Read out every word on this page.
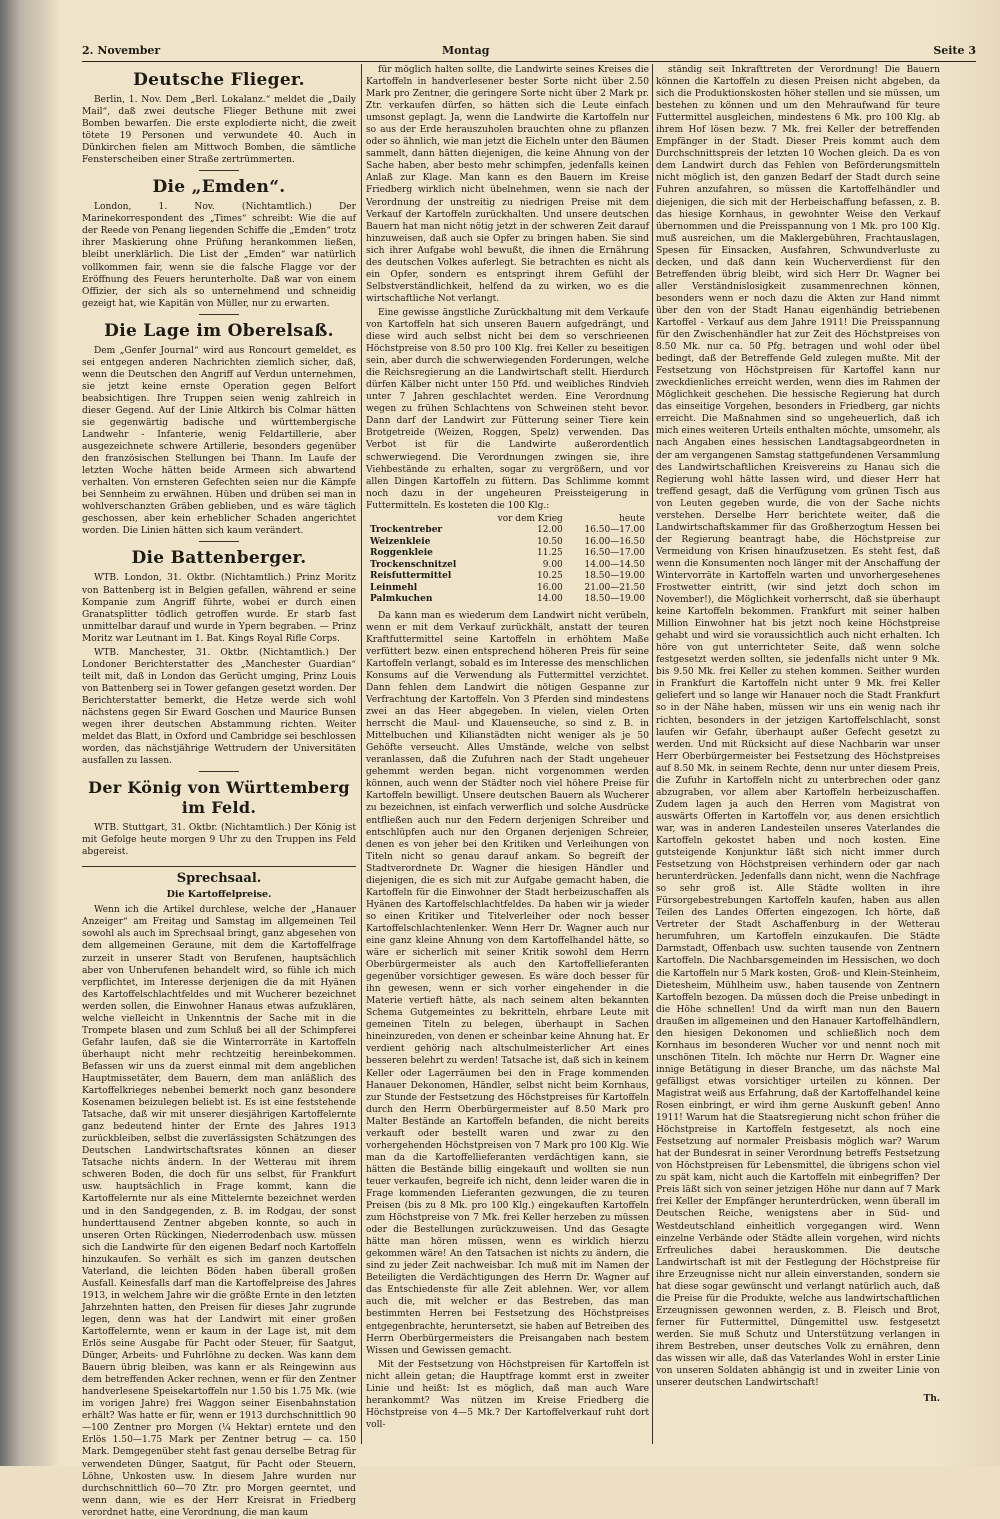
2. November	Montag	Seite 3
Deutsche Flieger.

Berlin, 1. Nov. Dem „Berl. Lokalanz.“ meldet die „Daily Mail“, daß zwei deutsche Flieger Bethune mit zwei Bomben bewarfen. Die erste explodierte nicht, die zweit tötete 19 Personen und verwundete 40. Auch in Dünkirchen fielen am Mittwoch Bomben, die sämtliche Fensterscheiben einer Straße zertrümmerten.

Die „Emden“.

London, 1. Nov. (Nichtamtlich.) Der Marinekorrespondent des „Times“ schreibt: Wie die auf der Reede von Penang liegenden Schiffe die „Emden“ trotz ihrer Maskierung ohne Prüfung herankommen ließen, bleibt unerklärlich. Die List der „Emden“ war natürlich vollkommen fair, wenn sie die falsche Flagge vor der Eröffnung des Feuers herunterholte. Daß war von einem Offizier, der sich als so unternehmend und schneidig gezeigt hat, wie Kapitän von Müller, nur zu erwarten.

Die Lage im Oberelsaß.

Dem „Genfer Journal“ wird aus Roncourt gemeldet, es sei entgegen anderen Nachrichten ziemlich sicher, daß, wenn die Deutschen den Angriff auf Verdun unternehmen, sie jetzt keine ernste Operation gegen Belfort beabsichtigen. Ihre Truppen seien wenig zahlreich in dieser Gegend. Auf der Linie Altkirch bis Colmar hätten sie gegenwärtig badische und württembergische Landwehr - Infanterie, wenig Feldartillerie, aber ausgezeichnete schwere Artillerie, besonders gegenüber den französischen Stellungen bei Thann. Im Laufe der letzten Woche hätten beide Armeen sich abwartend verhalten. Von ernsteren Gefechten seien nur die Kämpfe bei Sennheim zu erwähnen. Hüben und drüben sei man in wohlverschanzten Gräben geblieben, und es wäre täglich geschossen, aber kein erheblicher Schaden angerichtet worden. Die Linien hätten sich kaum verändert.

Die Battenberger.

WTB. London, 31. Oktbr. (Nichtamtlich.) Prinz Moritz von Battenberg ist in Belgien gefallen, während er seine Kompanie zum Angriff führte, wobei er durch einen Granatsplitter tödlich getroffen wurde. Er starb fast unmittelbar darauf und wurde in Ypern begraben. — Prinz Moritz war Leutnant im 1. Bat. Kings Royal Rifle Corps.

WTB. Manchester, 31. Oktbr. (Nichtamtlich.) Der Londoner Berichterstatter des „Manchester Guardian“ teilt mit, daß in London das Gerücht umging, Prinz Louis von Battenberg sei in Tower gefangen gesetzt worden. Der Berichterstatter bemerkt, die Hetze werde sich wohl nächstens gegen Sir Eward Goschen und Maurice Bunsen wegen ihrer deutschen Abstammung richten. Weiter meldet das Blatt, in Oxford und Cambridge sei beschlossen worden, das nächstjährige Wettrudern der Universitäten ausfallen zu lassen.

Der König von Württemberg im Feld.

WTB. Stuttgart, 31. Oktbr. (Nichtamtlich.) Der König ist mit Gefolge heute morgen 9 Uhr zu den Truppen ins Feld abgereist.

Sprechsaal.
Die Kartoffelpreise.

Wenn ich die Artikel durchlese, welche der „Hanauer Anzeiger“ am Freitag und Samstag im allgemeinen Teil sowohl als auch im Sprechsaal bringt, ganz abgesehen von dem allgemeinen Geraune, mit dem die Kartoffelfrage zurzeit in unserer Stadt von Berufenen, hauptsächlich aber von Unberufenen behandelt wird, so fühle ich mich verpflichtet, im Interesse derjenigen die da mit Hyänen des Kartoffelschlachtfeldes und mit Wucherer bezeichnet werden sollen, die Einwohner Hanaus etwas aufzuklären, welche vielleicht in Unkenntnis der Sache mit in die Trompete blasen und zum Schluß bei all der Schimpferei Gefahr laufen, daß sie die Winterrorräte in Kartoffeln überhaupt nicht mehr rechtzeitig hereinbekommen. Befassen wir uns da zuerst einmal mit dem angeblichen Hauptmissetäter, dem Bauern, dem man anläßlich des Kartoffelkrieges nebenbei bemerkt noch ganz besondere Kosenamen beizulegen beliebt ist. Es ist eine feststehende Tatsache, daß wir mit unserer diesjährigen Kartoffelernte ganz bedeutend hinter der Ernte des Jahres 1913 zurückbleiben, selbst die zuverlässigsten Schätzungen des Deutschen Landwirtschaftsrates können an dieser Tatsache nichts ändern. In der Wetterau mit ihrem schweren Boden, die doch für uns selbst, für Frankfurt usw. hauptsächlich in Frage kommt, kann die Kartoffelernte nur als eine Mittelernte bezeichnet werden und in den Sandgegenden, z. B. im Rodgau, der sonst hunderttausend Zentner abgeben konnte, so auch in unseren Orten Rückingen, Niederrodenbach usw. müssen sich die Landwirte für den eigenen Bedarf noch Kartoffeln hinzukaufen. So verhält es sich im ganzen deutschen Vaterland, die leichten Böden haben überall großen Ausfall. Keinesfalls darf man die Kartoffelpreise des Jahres 1913, in welchem Jahre wir die größte Ernte in den letzten Jahrzehnten hatten, den Preisen für dieses Jahr zugrunde legen, denn was hat der Landwirt mit einer großen Kartoffelernte, wenn er kaum in der Lage ist, mit dem Erlös seine Ausgabe für Pacht oder Steuer, für Saatgut, Dünger, Arbeits- und Fuhrlöhne zu decken. Was kann dem Bauern übrig bleiben, was kann er als Reingewinn aus dem betreffenden Acker rechnen, wenn er für den Zentner handverlesene Speisekartoffeln nur 1.50 bis 1.75 Mk. (wie im vorigen Jahre) frei Waggon seiner Eisenbahnstation erhält? Was hatte er für, wenn er 1913 durchschnittlich 90—100 Zentner pro Morgen (¼ Hektar) erntete und den Erlös 1.50—1.75 Mark per Zentner betrug — ca. 150 Mark. Demgegenüber steht fast genau derselbe Betrag für verwendeten Dünger, Saatgut, für Pacht oder Steuern, Löhne, Unkosten usw. In diesem Jahre wurden nur durchschnittlich 60—70 Ztr. pro Morgen geerntet, und wenn dann, wie es der Herr Kreisrat in Friedberg verordnet hatte, eine Verordnung, die man kaum

für möglich halten sollte, die Landwirte seines Kreises die Kartoffeln in handverlesener bester Sorte nicht über 2.50 Mark pro Zentner, die geringere Sorte nicht über 2 Mark pr. Ztr. verkaufen dürfen, so hätten sich die Leute einfach umsonst geplagt. Ja, wenn die Landwirte die Kartoffeln nur so aus der Erde herauszuholen brauchten ohne zu pflanzen oder so ähnlich, wie man jetzt die Eicheln unter den Bäumen sammelt, dann hätten diejenigen, die keine Ahnung von der Sache haben, aber besto mehr schimpfen, jedenfalls keinen Anlaß zur Klage. Man kann es den Bauern im Kreise Friedberg wirklich nicht übelnehmen, wenn sie nach der Verordnung der unstreitig zu niedrigen Preise mit dem Verkauf der Kartoffeln zurückhalten. Und unsere deutschen Bauern hat man nicht nötig jetzt in der schweren Zeit darauf hinzuweisen, daß auch sie Opfer zu bringen haben. Sie sind sich ihrer Aufgabe wohl bewußt, die ihnen die Ernährung des deutschen Volkes auferlegt. Sie betrachten es nicht als ein Opfer, sondern es entspringt ihrem Gefühl der Selbstverständlichkeit, helfend da zu wirken, wo es die wirtschaftliche Not verlangt.

Eine gewisse ängstliche Zurückhaltung mit dem Verkaufe von Kartoffeln hat sich unseren Bauern aufgedrängt, und diese wird auch selbst nicht bei dem so verschrieenen Höchstpreise von 8.50 pro 100 Klg. frei Keller zu beseitigen sein, aber durch die schwerwiegenden Forderungen, welche die Reichsregierung an die Landwirtschaft stellt. Hierdurch dürfen Kälber nicht unter 150 Pfd. und weibliches Rindvieh unter 7 Jahren geschlachtet werden. Eine Verordnung wegen zu frühen Schlachtens von Schweinen steht bevor. Dann darf der Landwirt zur Fütterung seiner Tiere kein Brotgetreide (Weizen, Roggen, Spelz) verwenden. Das Verbot ist für die Landwirte außerordentlich schwerwiegend. Die Verordnungen zwingen sie, ihre Viehbestände zu erhalten, sogar zu vergrößern, und vor allen Dingen Kartoffeln zu füttern. Das Schlimme kommt noch dazu in der ungeheuren Preissteigerung in Futtermitteln. Es kosteten die 100 Klg.:

	vor dem Krieg	heute
Trockentreber	12.00	16.50—17.00
Weizenkleie	10.50	16.00—16.50
Roggenkleie	11.25	16.50—17.00
Trockenschnitzel	9.00	14.00—14.50
Reisfuttermittel	10.25	18.50—19.00
Leinmehl	16.00	21.00—21.50
Palmkuchen	14.00	18.50—19.00

Da kann man es wiederum dem Landwirt nicht verübeln, wenn er mit dem Verkauf zurückhält, anstatt der teuren Kraftfuttermittel seine Kartoffeln in erhöhtem Maße verfüttert bezw. einen entsprechend höheren Preis für seine Kartoffeln verlangt, sobald es im Interesse des menschlichen Konsums auf die Verwendung als Futtermittel verzichtet. Dann fehlen dem Landwirt die nötigen Gespanne zur Verfrachtung der Kartoffeln. Von 3 Pferden sind mindestens zwei an das Heer abgegeben. In vielen, vielen Orten herrscht die Maul- und Klauenseuche, so sind z. B. in Mittelbuchen und Kilianstädten nicht weniger als je 50 Gehöfte verseucht. Alles Umstände, welche von selbst veranlassen, daß die Zufuhren nach der Stadt ungeheuer gehemmt werden began. nicht vorgenommen werden können, auch wenn der Städter noch viel höhere Preise für Kartoffeln bewilligt. Unsere deutschen Bauern als Wucherer zu bezeichnen, ist einfach verwerflich und solche Ausdrücke entfließen auch nur den Federn derjenigen Schreiber und entschlüpfen auch nur den Organen derjenigen Schreier, denen es von jeher bei den Kritiken und Verleihungen von Titeln nicht so genau darauf ankam. So begreift der Stadtverordnete Dr. Wagner die hiesigen Händler und diejenigen, die es sich mit zur Aufgabe gemacht haben, die Kartoffeln für die Einwohner der Stadt herbeizuschaffen als Hyänen des Kartoffelschlachtfeldes. Da haben wir ja wieder so einen Kritiker und Titelverleiher oder noch besser Kartoffelschlachtenlenker. Wenn Herr Dr. Wagner auch nur eine ganz kleine Ahnung von dem Kartoffelhandel hätte, so wäre er sicherlich mit seiner Kritik sowohl dem Herrn Oberbürgermeister als auch den Kartoffellieferanten gegenüber vorsichtiger gewesen. Es wäre doch besser für ihn gewesen, wenn er sich vorher eingehender in die Materie vertieft hätte, als nach seinem alten bekannten Schema Gutgemeintes zu bekritteln, ehrbare Leute mit gemeinen Titeln zu belegen, überhaupt in Sachen hineinzureden, von denen er scheinbar keine Ahnung hat. Er verdient gehörig nach altschulmeisterlicher Art eines besseren belehrt zu werden! Tatsache ist, daß sich in keinem Keller oder Lagerräumen bei den in Frage kommenden Hanauer Dekonomen, Händler, selbst nicht beim Kornhaus, zur Stunde der Festsetzung des Höchstpreises für Kartoffeln durch den Herrn Oberbürgermeister auf 8.50 Mark pro Malter Bestände an Kartoffeln befanden, die nicht bereits verkauft oder bestellt waren und zwar zu den vorhergehenden Höchstpreisen von 7 Mark pro 100 Klg. Wie man da die Kartoffellieferanten verdächtigen kann, sie hätten die Bestände billig eingekauft und wollten sie nun teuer verkaufen, begreife ich nicht, denn leider waren die in Frage kommenden Lieferanten gezwungen, die zu teuren Preisen (bis zu 8 Mk. pro 100 Klg.) eingekauften Kartoffeln zum Höchstpreise von 7 Mk. frei Keller herzeben zu müssen oder die Bestellungen zurückzuweisen. Und das Gesagte hätte man hören müssen, wenn es wirklich hierzu gekommen wäre! An den Tatsachen ist nichts zu ändern, die sind zu jeder Zeit nachweisbar. Ich muß mit im Namen der Beteiligten die Verdächtigungen des Herrn Dr. Wagner auf das Entschiedenste für alle Zeit ablehnen. Wer, vor allem auch die, mit welcher er das Bestreben, das man bestimmten Herren bei Festsetzung des Höchstpreises entgegenbrachte, heruntersetzt, sie haben auf Betreiben des Herrn Oberbürgermeisters die Preisangaben nach bestem Wissen und Gewissen gemacht.

Mit der Festsetzung von Höchstpreisen für Kartoffeln ist nicht allein getan; die Hauptfrage kommt erst in zweiter Linie und heißt: Ist es möglich, daß man auch Ware herankommt? Was nützen im Kreise Friedberg die Höchstpreise von 4—5 Mk.? Der Kartoffelverkauf ruht dort voll-

ständig seit Inkrafttreten der Verordnung! Die Bauern können die Kartoffeln zu diesen Preisen nicht abgeben, da sich die Produktionskosten höher stellen und sie müssen, um bestehen zu können und um den Mehraufwand für teure Futtermittel ausgleichen, mindestens 6 Mk. pro 100 Klg. ab ihrem Hof lösen bezw. 7 Mk. frei Keller der betreffenden Empfänger in der Stadt. Dieser Preis kommt auch dem Durchschnittspreis der letzten 10 Wochen gleich. Da es von dem Landwirt durch das Fehlen von Beförderungsmitteln nicht möglich ist, den ganzen Bedarf der Stadt durch seine Fuhren anzufahren, so müssen die Kartoffelhändler und diejenigen, die sich mit der Herbeischaffung befassen, z. B. das hiesige Kornhaus, in gewohnter Weise den Verkauf übernommen und die Preisspannung von 1 Mk. pro 100 Klg. muß ausreichen, um die Maklergebühren, Frachtauslagen, Spesen für Einsacken, Ausfahren, Schwundverluste zu decken, und daß dann kein Wucherverdienst für den Betreffenden übrig bleibt, wird sich Herr Dr. Wagner bei aller Verständnislosigkeit zusammenrechnen können, besonders wenn er noch dazu die Akten zur Hand nimmt über den von der Stadt Hanau eigenhändig betriebenen Kartoffel - Verkauf aus dem Jahre 1911! Die Preisspannung für den Zwischenhändler hat zur Zeit des Höchstpreises von 8.50 Mk. nur ca. 50 Pfg. betragen und wohl oder übel bedingt, daß der Betreffende Geld zulegen mußte. Mit der Festsetzung von Höchstpreisen für Kartoffel kann nur zweckdienliches erreicht werden, wenn dies im Rahmen der Möglichkeit geschehen. Die hessische Regierung hat durch das einseitige Vorgehen, besonders in Friedberg, gar nichts erreicht. Die Maßnahmen sind so ungeheuerlich, daß ich mich eines weiteren Urteils enthalten möchte, umsomehr, als nach Angaben eines hessischen Landtagsabgeordneten in der am vergangenen Samstag stattgefundenen Versammlung des Landwirtschaftlichen Kreisvereins zu Hanau sich die Regierung wohl hätte lassen wird, und dieser Herr hat treffend gesagt, daß die Verfügung vom grünen Tisch aus von Leuten gegeben wurde, die von der Sache nichts verstehen. Derselbe Herr berichtete weiter, daß die Landwirtschaftskammer für das Großherzogtum Hessen bei der Regierung beantragt habe, die Höchstpreise zur Vermeidung von Krisen hinaufzusetzen. Es steht fest, daß wenn die Konsumenten noch länger mit der Anschaffung der Wintervorräte in Kartoffeln warten und unvorhergesehenes Frostwetter eintritt, (wir sind jetzt doch schon im November!), die Möglichkeit vorherrscht, daß sie überhaupt keine Kartoffeln bekommen. Frankfurt mit seiner halben Million Einwohner hat bis jetzt noch keine Höchstpreise gehabt und wird sie voraussichtlich auch nicht erhalten. Ich höre von gut unterrichteter Seite, daß wenn solche festgesetzt werden sollten, sie jedenfalls nicht unter 9 Mk. bis 9.50 Mk. frei Keller zu stehen kommen. Seither wurden in Frankfurt die Kartoffeln nicht unter 9 Mk. frei Keller geliefert und so lange wir Hanauer noch die Stadt Frankfurt so in der Nähe haben, müssen wir uns ein wenig nach ihr richten, besonders in der jetzigen Kartoffelschlacht, sonst laufen wir Gefahr, überhaupt außer Gefecht gesetzt zu werden. Und mit Rücksicht auf diese Nachbarin war unser Herr Oberbürgermeister bei Festsetzung des Höchstpreises auf 8.50 Mk. in seinem Rechte, denn nur unter diesem Preis, die Zufuhr in Kartoffeln nicht zu unterbrechen oder ganz abzugraben, vor allem aber Kartoffeln herbeizuschaffen. Zudem lagen ja auch den Herren vom Magistrat von auswärts Offerten in Kartoffeln vor, aus denen ersichtlich war, was in anderen Landesteilen unseres Vaterlandes die Kartoffeln gekostet haben und noch kosten. Eine gutsteigende Konjunktur läßt sich nicht immer durch Festsetzung von Höchstpreisen verhindern oder gar nach herunterdrücken. Jedenfalls dann nicht, wenn die Nachfrage so sehr groß ist. Alle Städte wollten in ihre Fürsorgebestrebungen Kartoffeln kaufen, haben aus allen Teilen des Landes Offerten eingezogen. Ich hörte, daß Vertreter der Stadt Aschaffenburg in der Wetterau herumfuhren, um Kartoffeln einzukaufen. Die Städte Darmstadt, Offenbach usw. suchten tausende von Zentnern Kartoffeln. Die Nachbarsgemeinden im Hessischen, wo doch die Kartoffeln nur 5 Mark kosten, Groß- und Klein-Steinheim, Dietesheim, Mühlheim usw., haben tausende von Zentnern Kartoffeln bezogen. Da müssen doch die Preise unbedingt in die Höhe schnellen! Und da wirft man nun den Bauern draußen im allgemeinen und den Hanauer Kartoffelhändlern, den hiesigen Dekonomen und schließlich noch dem Kornhaus im besonderen Wucher vor und nennt noch mit unschönen Titeln. Ich möchte nur Herrn Dr. Wagner eine innige Betätigung in dieser Branche, um das nächste Mal gefälligst etwas vorsichtiger urteilen zu können. Der Magistrat weiß aus Erfahrung, daß der Kartoffelhandel keine Rosen einbringt, er wird ihm gerne Auskunft geben! Anno 1911! Warum hat die Staatsregierung nicht schon früher die Höchstpreise in Kartoffeln festgesetzt, als noch eine Festsetzung auf normaler Preisbasis möglich war? Warum hat der Bundesrat in seiner Verordnung betreffs Festsetzung von Höchstpreisen für Lebensmittel, die übrigens schon viel zu spät kam, nicht auch die Kartoffeln mit einbegriffen? Der Preis läßt sich von seiner jetzigen Höhe nur dann auf 7 Mark frei Keller der Empfänger herunterdrücken, wenn überall im Deutschen Reiche, wenigstens aber in Süd- und Westdeutschland einheitlich vorgegangen wird. Wenn einzelne Verbände oder Städte allein vorgehen, wird nichts Erfreuliches dabei herauskommen. Die deutsche Landwirtschaft ist mit der Festlegung der Höchstpreise für ihre Erzeugnisse nicht nur allein einverstanden, sondern sie hat diese sogar gewünscht und verlangt natürlich auch, daß die Preise für die Produkte, welche aus landwirtschaftlichen Erzeugnissen gewonnen werden, z. B. Fleisch und Brot, ferner für Futtermittel, Düngemittel usw. festgesetzt werden. Sie muß Schutz und Unterstützung verlangen in ihrem Bestreben, unser deutsches Volk zu ernähren, denn das wissen wir alle, daß das Vaterlandes Wohl in erster Linie von unseren Soldaten abhängig ist und in zweiter Linie von unserer deutschen Landwirtschaft!

Th.
